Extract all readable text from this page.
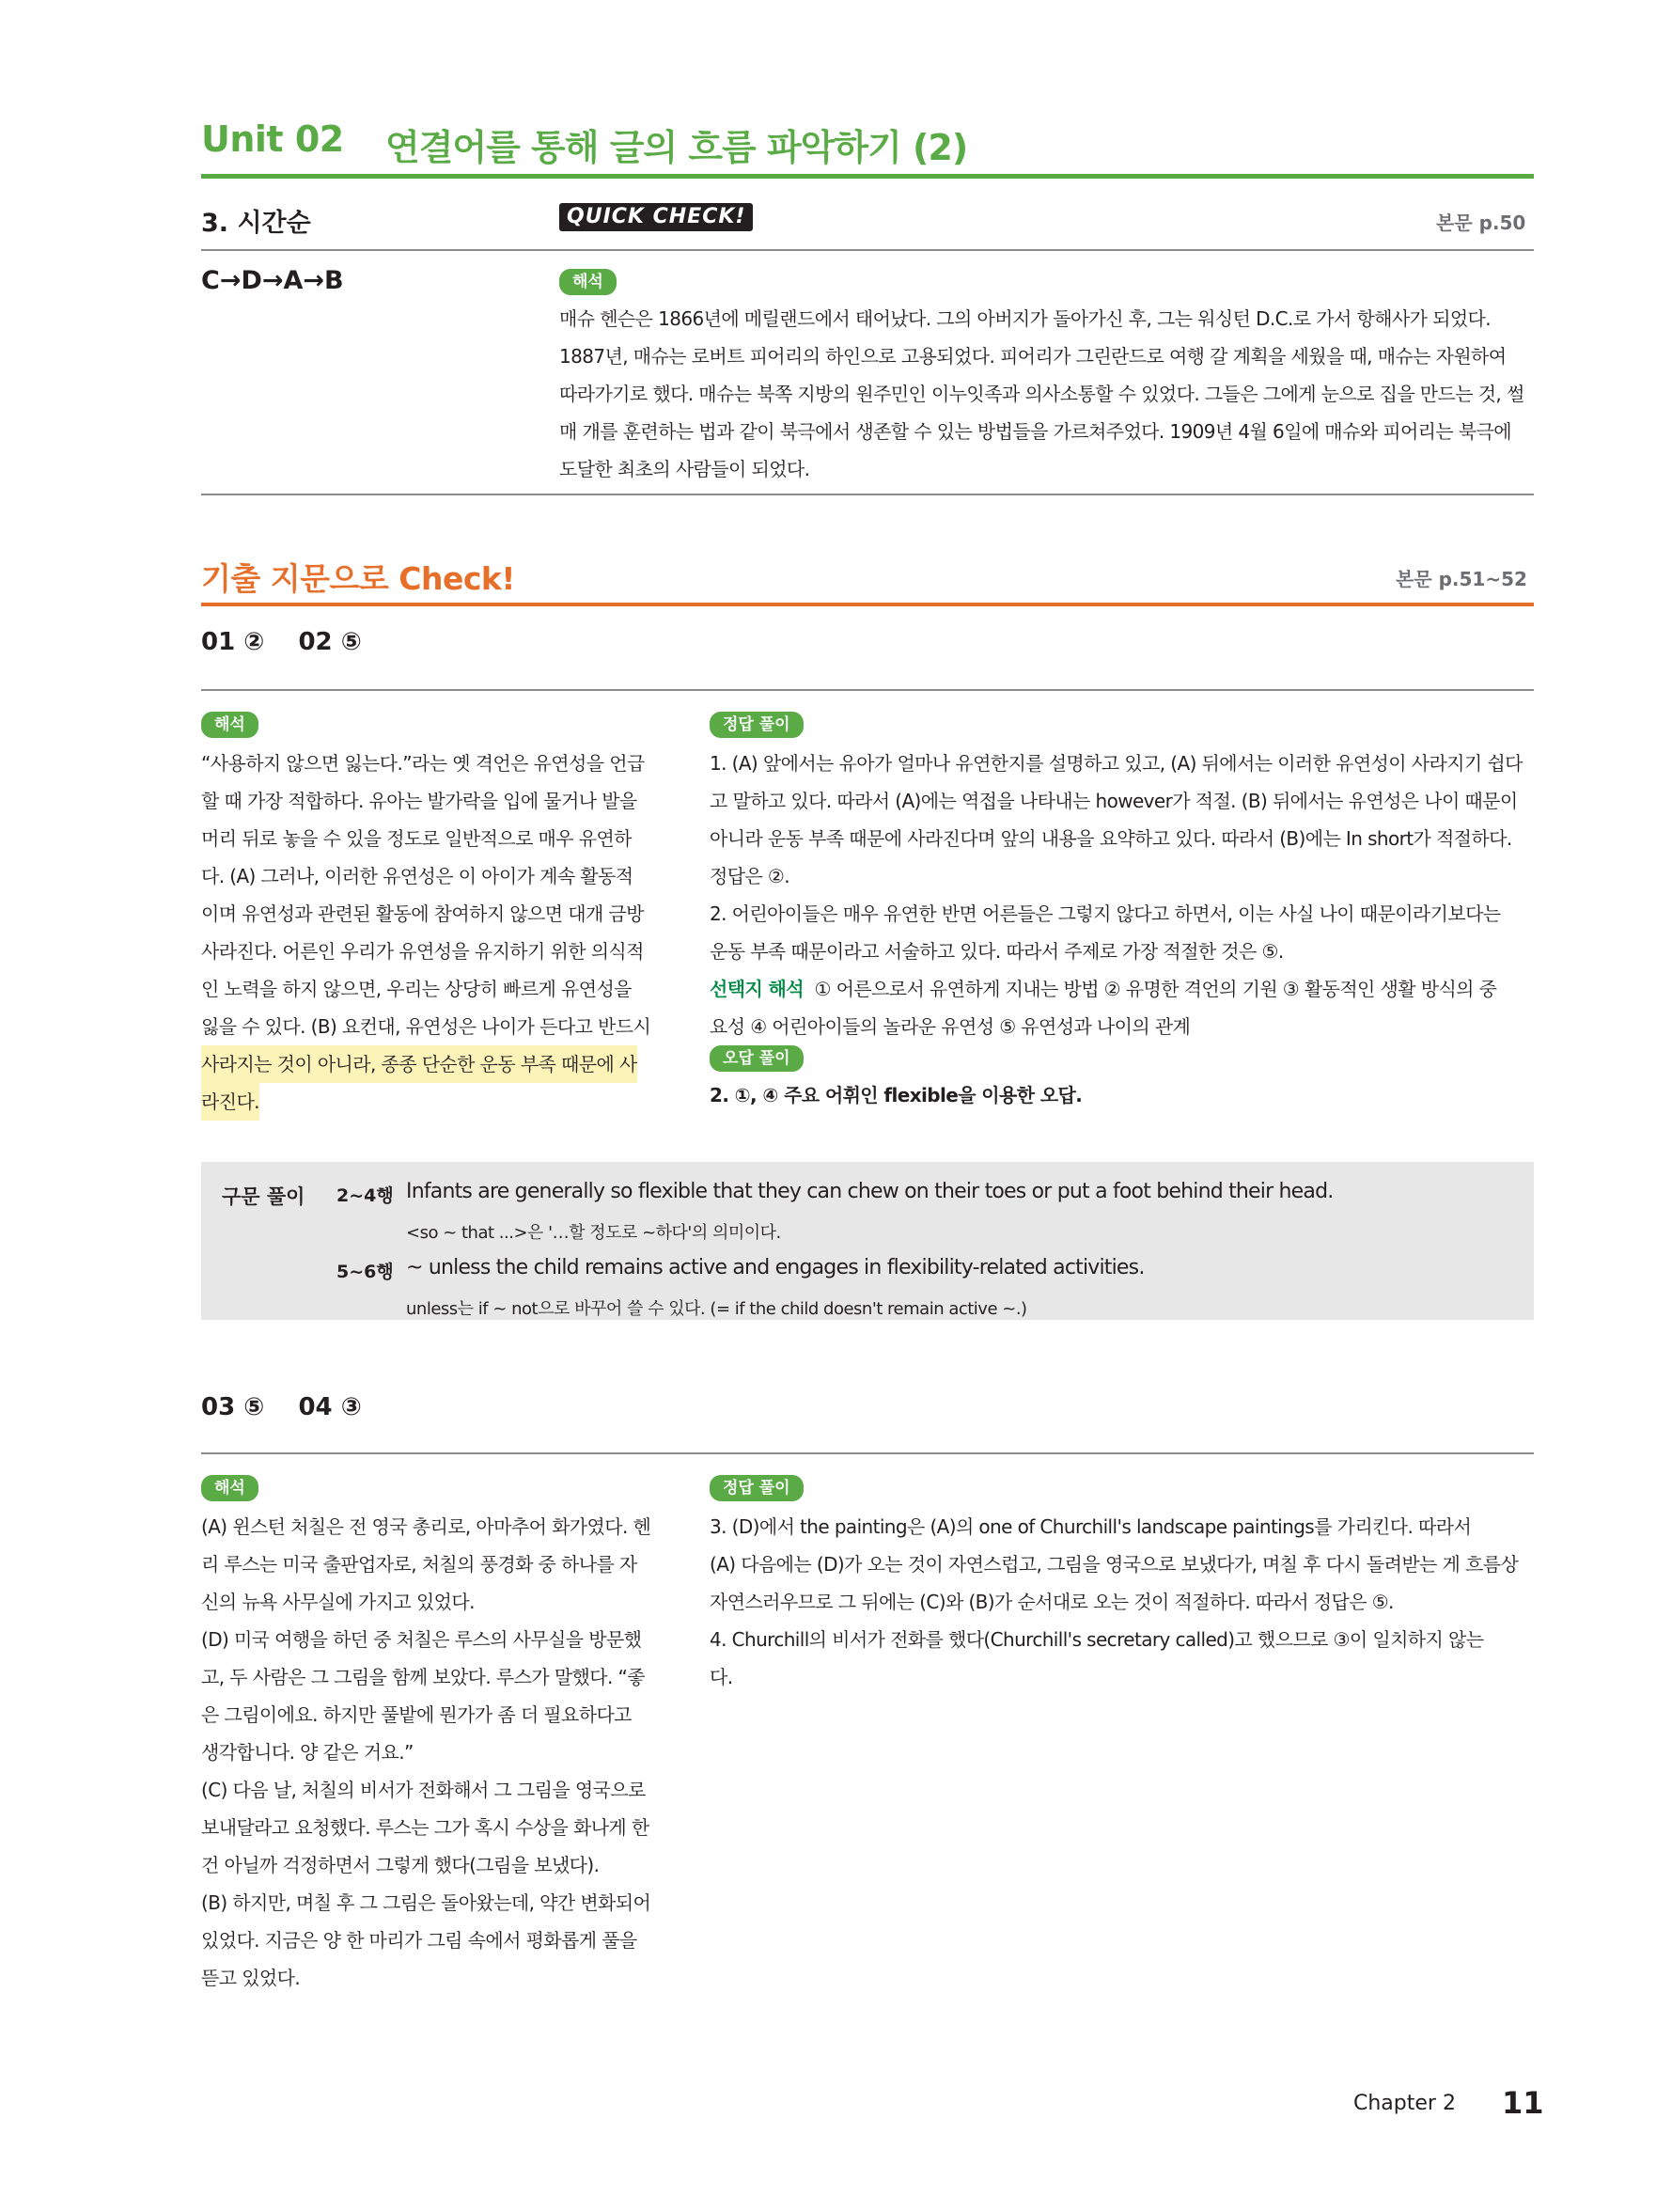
Unit 02 연결어를 통해 글의 흐름 파악하기 (2)
3. 시간순	QUICK CHECK!	본문 p.50
C→D→A→B	해석
매슈 헨슨은 1866년에 메릴랜드에서 태어났다. 그의 아버지가 돌아가신 후, 그는 워싱턴 D.C.로 가서 항해사가 되었다.
1887년, 매슈는 로버트 피어리의 하인으로 고용되었다. 피어리가 그린란드로 여행 갈 계획을 세웠을 때, 매슈는 자원하여
따라가기로 했다. 매슈는 북쪽 지방의 원주민인 이누잇족과 의사소통할 수 있었다. 그들은 그에게 눈으로 집을 만드는 것, 썰
매 개를 훈련하는 법과 같이 북극에서 생존할 수 있는 방법들을 가르쳐주었다. 1909년 4월 6일에 매슈와 피어리는 북극에
도달한 최초의 사람들이 되었다.
기출 지문으로 Check!	본문 p.51~52
01 ②    02 ⑤
해석
“사용하지 않으면 잃는다.”라는 옛 격언은 유연성을 언급
할 때 가장 적합하다. 유아는 발가락을 입에 물거나 발을
머리 뒤로 놓을 수 있을 정도로 일반적으로 매우 유연하
다. (A) 그러나, 이러한 유연성은 이 아이가 계속 활동적
이며 유연성과 관련된 활동에 참여하지 않으면 대개 금방
사라진다. 어른인 우리가 유연성을 유지하기 위한 의식적
인 노력을 하지 않으면, 우리는 상당히 빠르게 유연성을
잃을 수 있다. (B) 요컨대, 유연성은 나이가 든다고 반드시
사라지는 것이 아니라, 종종 단순한 운동 부족 때문에 사 라진다.
정답 풀이
1. (A) 앞에서는 유아가 얼마나 유연한지를 설명하고 있고, (A) 뒤에서는 이러한 유연성이 사라지기 쉽다
고 말하고 있다. 따라서 (A)에는 역접을 나타내는 however가 적절. (B) 뒤에서는 유연성은 나이 때문이
아니라 운동 부족 때문에 사라진다며 앞의 내용을 요약하고 있다. 따라서 (B)에는 In short가 적절하다.
정답은 ②.
2. 어린아이들은 매우 유연한 반면 어른들은 그렇지 않다고 하면서, 이는 사실 나이 때문이라기보다는
운동 부족 때문이라고 서술하고 있다. 따라서 주제로 가장 적절한 것은 ⑤.
선택지 해석 ① 어른으로서 유연하게 지내는 방법 ② 유명한 격언의 기원 ③ 활동적인 생활 방식의 중
요성 ④ 어린아이들의 놀라운 유연성 ⑤ 유연성과 나이의 관계
오답 풀이
2. ①, ④ 주요 어휘인 flexible을 이용한 오답.
구문 풀이 2~4행 Infants are generally so flexible that they can chew on their toes or put a foot behind their head.
<so ~ that ...>은 '…할 정도로 ~하다'의 의미이다.
5~6행 ~ unless the child remains active and engages in flexibility-related activities.
unless는 if ~ not으로 바꾸어 쓸 수 있다. (= if the child doesn't remain active ~.)
03 ⑤    04 ③
해석
(A) 윈스턴 처칠은 전 영국 총리로, 아마추어 화가였다. 헨
리 루스는 미국 출판업자로, 처칠의 풍경화 중 하나를 자
신의 뉴욕 사무실에 가지고 있었다.
(D) 미국 여행을 하던 중 처칠은 루스의 사무실을 방문했
고, 두 사람은 그 그림을 함께 보았다. 루스가 말했다. “좋
은 그림이에요. 하지만 풀밭에 뭔가가 좀 더 필요하다고
생각합니다. 양 같은 거요.”
(C) 다음 날, 처칠의 비서가 전화해서 그 그림을 영국으로
보내달라고 요청했다. 루스는 그가 혹시 수상을 화나게 한
건 아닐까 걱정하면서 그렇게 했다(그림을 보냈다).
(B) 하지만, 며칠 후 그 그림은 돌아왔는데, 약간 변화되어
있었다. 지금은 양 한 마리가 그림 속에서 평화롭게 풀을
뜯고 있었다.
정답 풀이
3. (D)에서 the painting은 (A)의 one of Churchill's landscape paintings를 가리킨다. 따라서
(A) 다음에는 (D)가 오는 것이 자연스럽고, 그림을 영국으로 보냈다가, 며칠 후 다시 돌려받는 게 흐름상
자연스러우므로 그 뒤에는 (C)와 (B)가 순서대로 오는 것이 적절하다. 따라서 정답은 ⑤.
4. Churchill의 비서가 전화를 했다(Churchill's secretary called)고 했으므로 ③이 일치하지 않는
다.
Chapter 2 11
